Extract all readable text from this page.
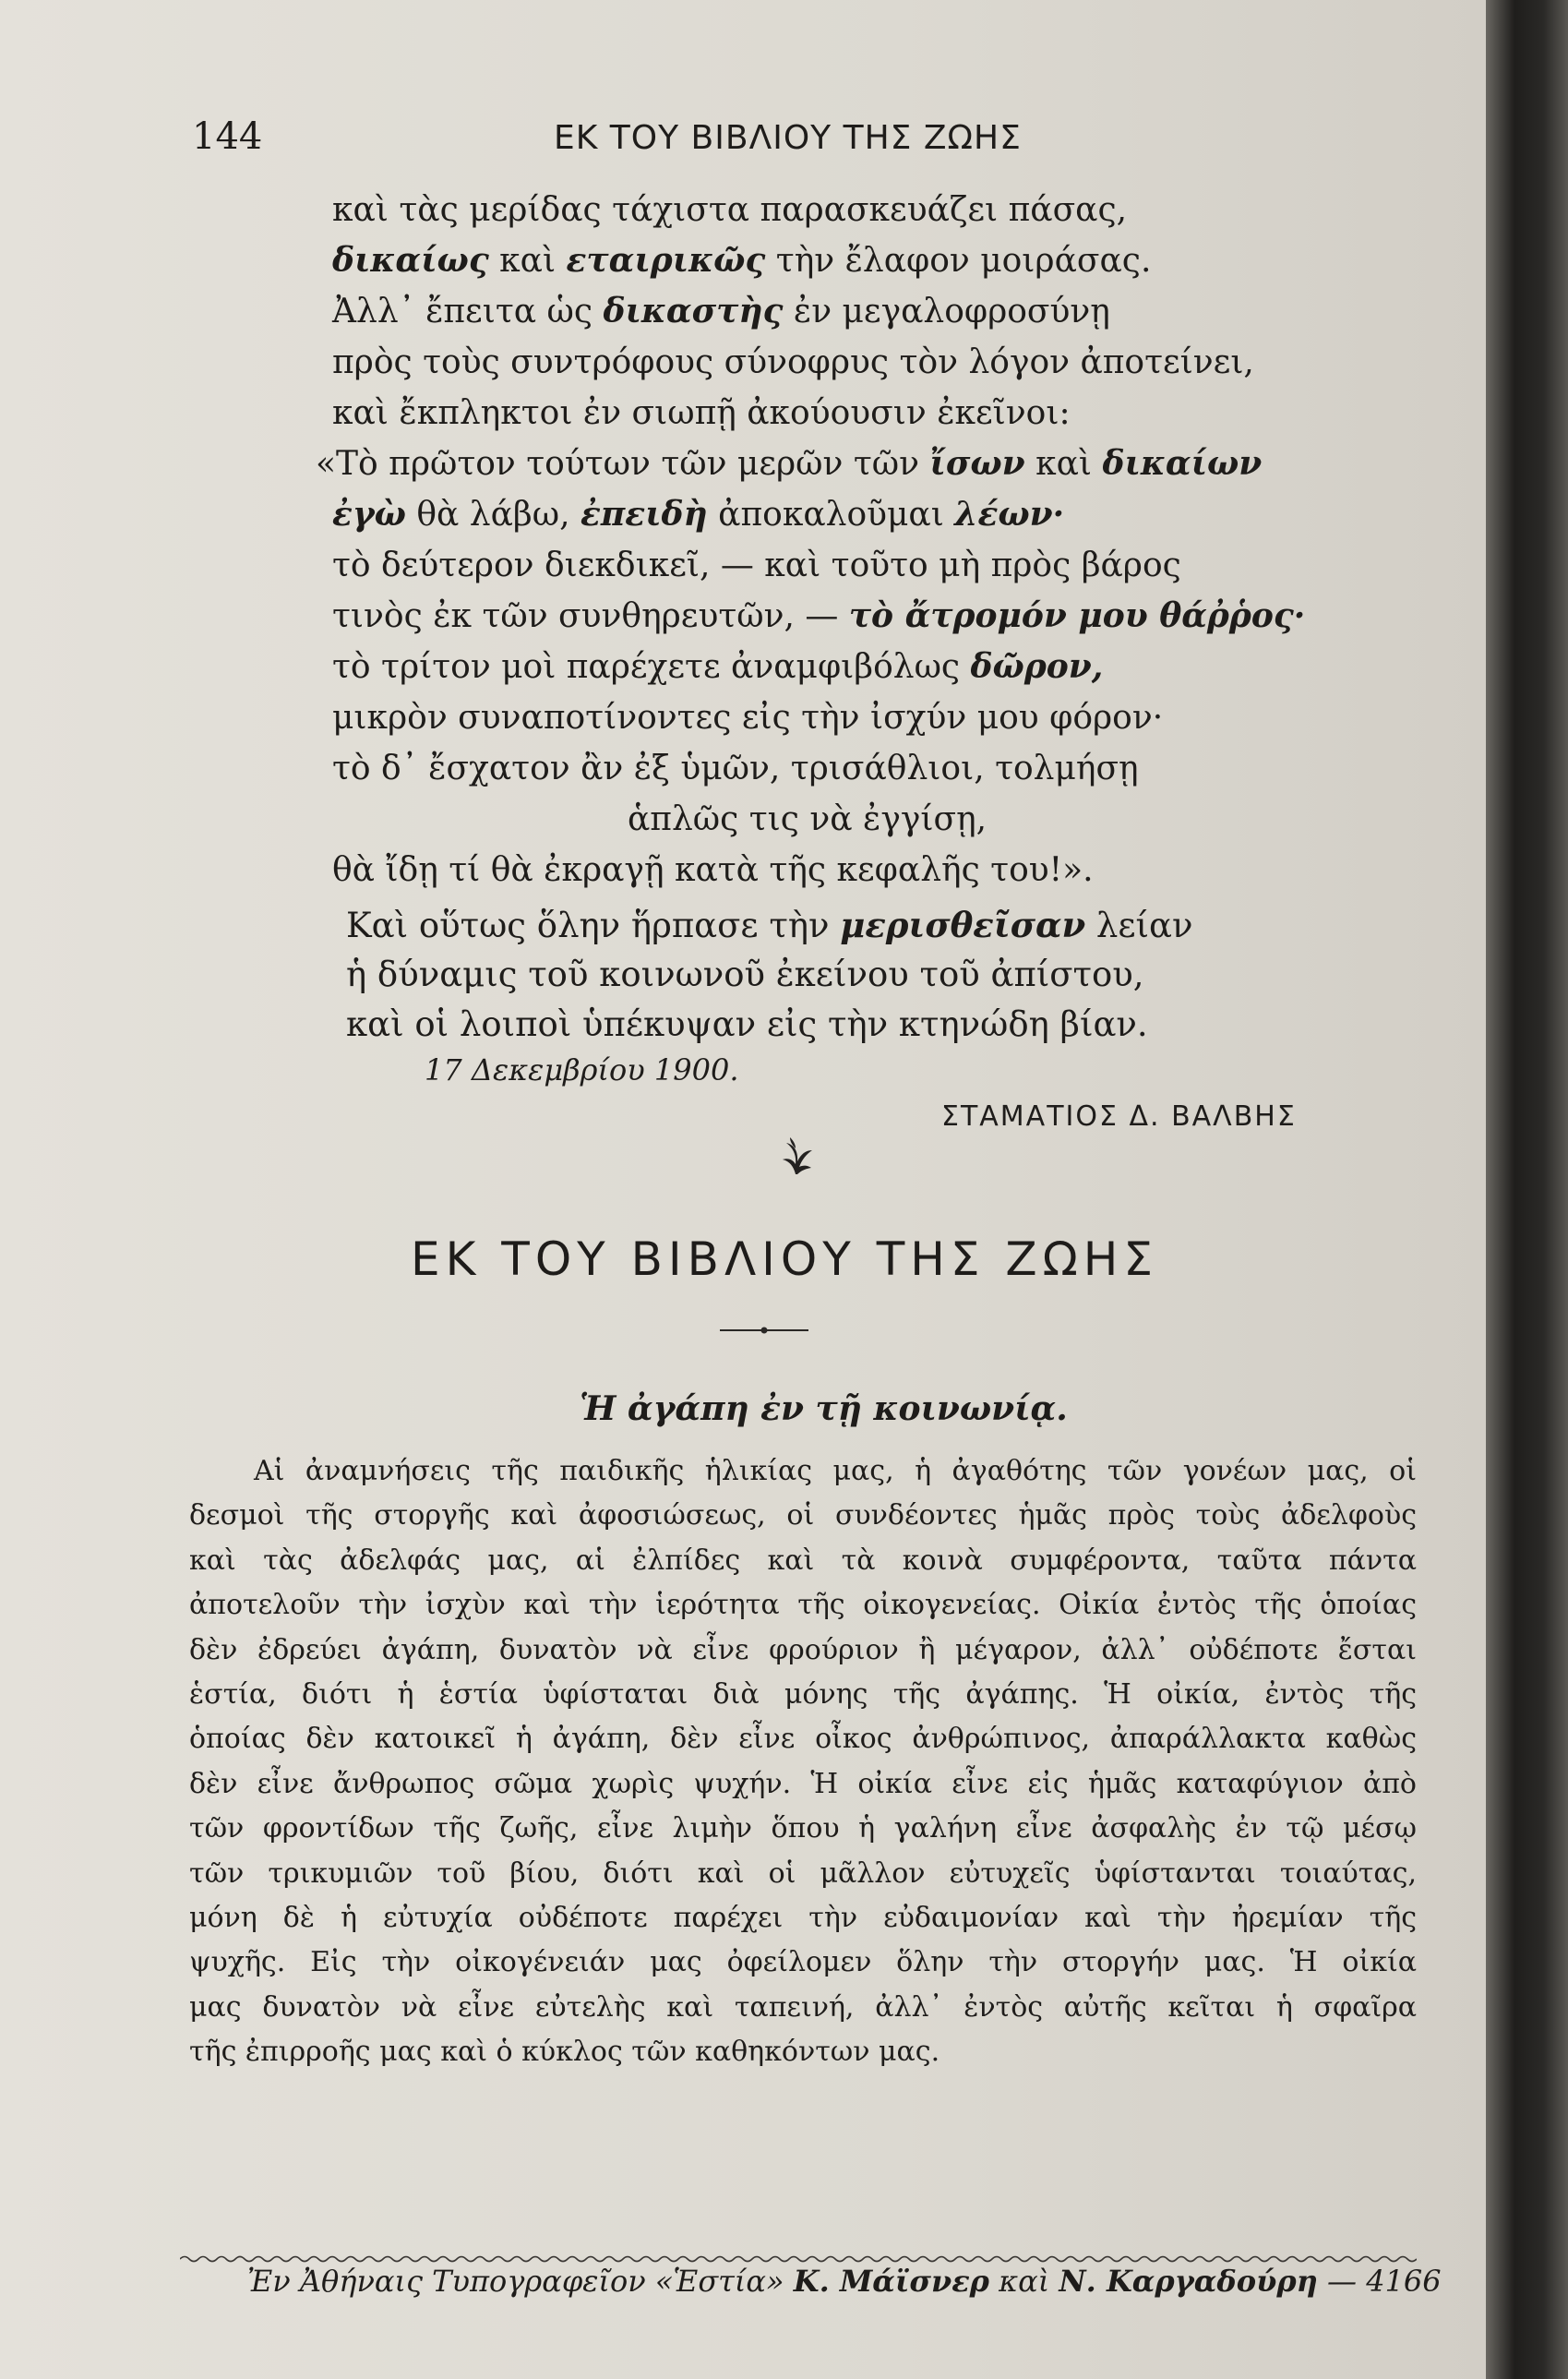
144	ΕΚ ΤΟΥ ΒΙΒΛΙΟΥ ΤΗΣ ΖΩΗΣ
καὶ τὰς μερίδας τάχιστα παρασκευάζει πάσας,
δικαίως καὶ εταιρικῶς τὴν ἔλαφον μοιράσας.
Ἀλλ᾽ ἔπειτα ὡς δικαστὴς ἐν μεγαλοφροσύνῃ
πρὸς τοὺς συντρόφους σύνοφρυς τὸν λόγον ἀποτείνει,
καὶ ἔκπληκτοι ἐν σιωπῇ ἀκούουσιν ἐκεῖνοι:
«Τὸ πρῶτον τούτων τῶν μερῶν τῶν ἴσων καὶ δικαίων
ἐγὼ θὰ λάβω, ἐπειδὴ ἀποκαλοῦμαι λέων·
τὸ δεύτερον διεκδικεῖ, — καὶ τοῦτο μὴ πρὸς βάρος
τινὸς ἐκ τῶν συνθηρευτῶν, — τὸ ἄτρομόν μου θάῤῥος·
τὸ τρίτον μοὶ παρέχετε ἀναμφιβόλως δῶρον,
μικρὸν συναποτίνοντες εἰς τὴν ἰσχύν μου φόρον·
τὸ δ᾽ ἔσχατον ἂν ἐξ ὑμῶν, τρισάθλιοι, τολμήσῃ
ἁπλῶς τις νὰ ἐγγίσῃ,
θὰ ἴδῃ τί θὰ ἐκραγῇ κατὰ τῆς κεφαλῆς του!».
Καὶ οὕτως ὅλην ἥρπασε τὴν μερισθεῖσαν λείαν
ἡ δύναμις τοῦ κοινωνοῦ ἐκείνου τοῦ ἀπίστου,
καὶ οἱ λοιποὶ ὑπέκυψαν εἰς τὴν κτηνώδη βίαν.
17 Δεκεμβρίου 1900.
ΣΤΑΜΑΤΙΟΣ Δ. ΒΑΛΒΗΣ
ΕΚ ΤΟΥ ΒΙΒΛΙΟΥ ΤΗΣ ΖΩΗΣ
Ἡ ἀγάπη ἐν τῇ κοινωνίᾳ.
Αἱ ἀναμνήσεις τῆς παιδικῆς ἡλικίας μας, ἡ ἀγαθότης τῶν γονέων μας, οἱ
δεσμοὶ τῆς στοργῆς καὶ ἀφοσιώσεως, οἱ συνδέοντες ἡμᾶς πρὸς τοὺς ἀδελφοὺς
καὶ τὰς ἀδελφάς μας, αἱ ἐλπίδες καὶ τὰ κοινὰ συμφέροντα, ταῦτα πάντα
ἀποτελοῦν τὴν ἰσχὺν καὶ τὴν ἱερότητα τῆς οἰκογενείας. Οἰκία ἐντὸς τῆς ὁποίας
δὲν ἐδρεύει ἀγάπη, δυνατὸν νὰ εἶνε φρούριον ἢ μέγαρον, ἀλλ᾽ οὐδέποτε ἔσται
ἑστία, διότι ἡ ἑστία ὑφίσταται διὰ μόνης τῆς ἀγάπης. Ἡ οἰκία, ἐντὸς τῆς
ὁποίας δὲν κατοικεῖ ἡ ἀγάπη, δὲν εἶνε οἶκος ἀνθρώπινος, ἀπαράλλακτα καθὼς
δὲν εἶνε ἄνθρωπος σῶμα χωρὶς ψυχήν. Ἡ οἰκία εἶνε εἰς ἡμᾶς καταφύγιον ἀπὸ
τῶν φροντίδων τῆς ζωῆς, εἶνε λιμὴν ὅπου ἡ γαλήνη εἶνε ἀσφαλὴς ἐν τῷ μέσῳ
τῶν τρικυμιῶν τοῦ βίου, διότι καὶ οἱ μᾶλλον εὐτυχεῖς ὑφίστανται τοιαύτας,
μόνη δὲ ἡ εὐτυχία οὐδέποτε παρέχει τὴν εὐδαιμονίαν καὶ τὴν ἠρεμίαν τῆς
ψυχῆς. Εἰς τὴν οἰκογένειάν μας ὀφείλομεν ὅλην τὴν στοργήν μας. Ἡ οἰκία
μας δυνατὸν νὰ εἶνε εὐτελὴς καὶ ταπεινή, ἀλλ᾽ ἐντὸς αὐτῆς κεῖται ἡ σφαῖρα
τῆς ἐπιρροῆς μας καὶ ὁ κύκλος τῶν καθηκόντων μας.
Ἐν Ἀθήναις Τυπογραφεῖον «Ἑστία» Κ. Μάϊσνερ καὶ Ν. Καργαδούρη — 4166
